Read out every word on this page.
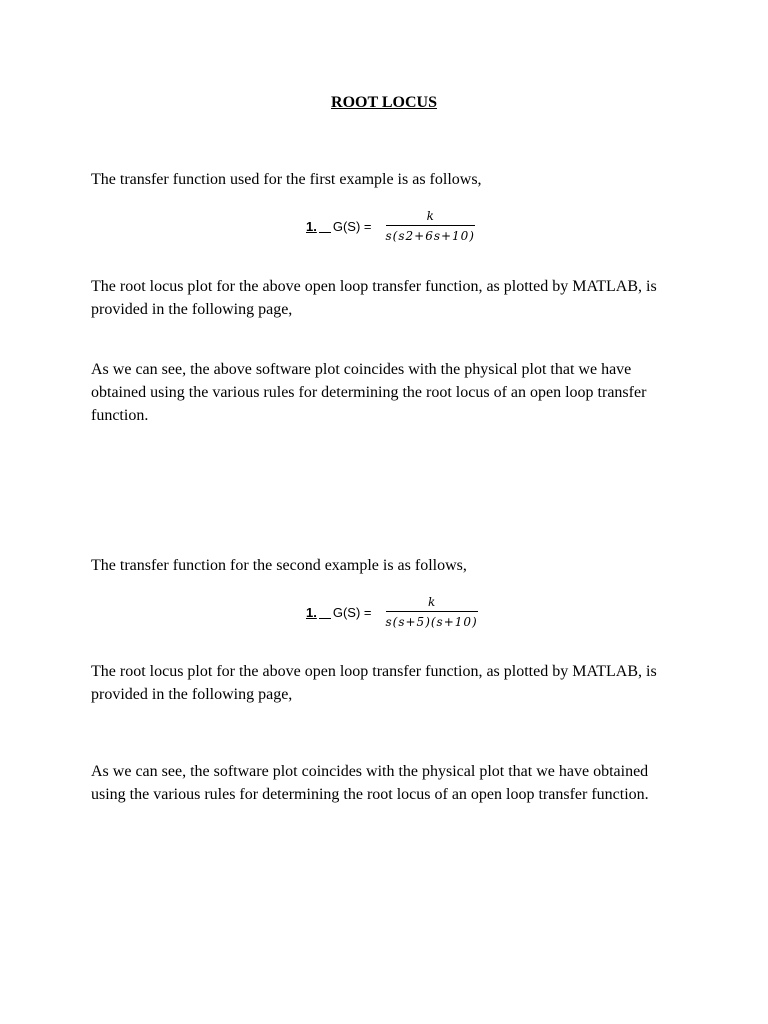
ROOT LOCUS

The transfer function used for the first example is as follows,

1. $G(S) = \frac{k}{s(s2+6s+10)}$

The root locus plot for the above open loop transfer function, as plotted by MATLAB, is provided in the following page,

As we can see, the above software plot coincides with the physical plot that we have obtained using the various rules for determining the root locus of an open loop transfer function.

The transfer function for the second example is as follows,

1. $G(S) = \frac{k}{s(s+5)(s+10)}$

The root locus plot for the above open loop transfer function, as plotted by MATLAB, is provided in the following page,

As we can see, the software plot coincides with the physical plot that we have obtained using the various rules for determining the root locus of an open loop transfer function.
